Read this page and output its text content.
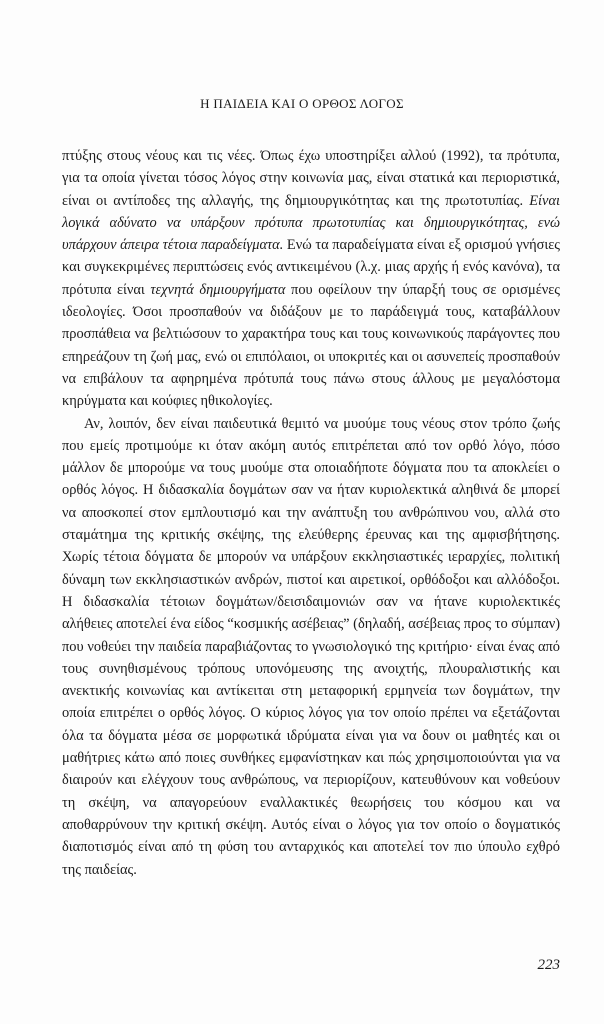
Η ΠΑΙΔΕΙΑ ΚΑΙ Ο ΟΡΘΟΣ ΛΟΓΟΣ

πτύξης στους νέους και τις νέες. Όπως έχω υποστηρίξει αλλού (1992), τα πρότυπα, για τα οποία γίνεται τόσος λόγος στην κοινωνία μας, είναι στατικά και περιοριστικά, είναι οι αντίποδες της αλλαγής, της δημιουργικότητας και της πρωτοτυπίας. Είναι λογικά αδύνατο να υπάρξουν πρότυπα πρωτοτυπίας και δημιουργικότητας, ενώ υπάρχουν άπειρα τέτοια παραδείγματα. Ενώ τα παραδείγματα είναι εξ ορισμού γνήσιες και συγκεκριμένες περιπτώσεις ενός αντικειμένου (λ.χ. μιας αρχής ή ενός κανόνα), τα πρότυπα είναι τεχνητά δημιουργήματα που οφείλουν την ύπαρξή τους σε ορισμένες ιδεολογίες. Όσοι προσπαθούν να διδάξουν με το παράδειγμά τους, καταβάλλουν προσπάθεια να βελτιώσουν το χαρακτήρα τους και τους κοινωνικούς παράγοντες που επηρεάζουν τη ζωή μας, ενώ οι επιπόλαιοι, οι υποκριτές και οι ασυνεπείς προσπαθούν να επιβάλουν τα αφηρημένα πρότυπά τους πάνω στους άλλους με μεγαλόστομα κηρύγματα και κούφιες ηθικολογίες.

Αν, λοιπόν, δεν είναι παιδευτικά θεμιτό να μυούμε τους νέους στον τρόπο ζωής που εμείς προτιμούμε κι όταν ακόμη αυτός επιτρέπεται από τον ορθό λόγο, πόσο μάλλον δε μπορούμε να τους μυούμε στα οποιαδήποτε δόγματα που τα αποκλείει ο ορθός λόγος. Η διδασκαλία δογμάτων σαν να ήταν κυριολεκτικά αληθινά δε μπορεί να αποσκοπεί στον εμπλουτισμό και την ανάπτυξη του ανθρώπινου νου, αλλά στο σταμάτημα της κριτικής σκέψης, της ελεύθερης έρευνας και της αμφισβήτησης. Χωρίς τέτοια δόγματα δε μπορούν να υπάρξουν εκκλησιαστικές ιεραρχίες, πολιτική δύναμη των εκκλησιαστικών ανδρών, πιστοί και αιρετικοί, ορθόδοξοι και αλλόδοξοι. Η διδασκαλία τέτοιων δογμάτων/δεισιδαιμονιών σαν να ήτανε κυριολεκτικές αλήθειες αποτελεί ένα είδος “κοσμικής ασέβειας” (δηλαδή, ασέβειας προς το σύμπαν) που νοθεύει την παιδεία παραβιάζοντας το γνωσιολογικό της κριτήριο· είναι ένας από τους συνηθισμένους τρόπους υπονόμευσης της ανοιχτής, πλουραλιστικής και ανεκτικής κοινωνίας και αντίκειται στη μεταφορική ερμηνεία των δογμάτων, την οποία επιτρέπει ο ορθός λόγος. Ο κύριος λόγος για τον οποίο πρέπει να εξετάζονται όλα τα δόγματα μέσα σε μορφωτικά ιδρύματα είναι για να δουν οι μαθητές και οι μαθήτριες κάτω από ποιες συνθήκες εμφανίστηκαν και πώς χρησιμοποιούνται για να διαιρούν και ελέγχουν τους ανθρώπους, να περιορίζουν, κατευθύνουν και νοθεύουν τη σκέψη, να απαγορεύουν εναλλακτικές θεωρήσεις του κόσμου και να αποθαρρύνουν την κριτική σκέψη. Αυτός είναι ο λόγος για τον οποίο ο δογματικός διαποτισμός είναι από τη φύση του ανταρχικός και αποτελεί τον πιο ύπουλο εχθρό της παιδείας.

223
